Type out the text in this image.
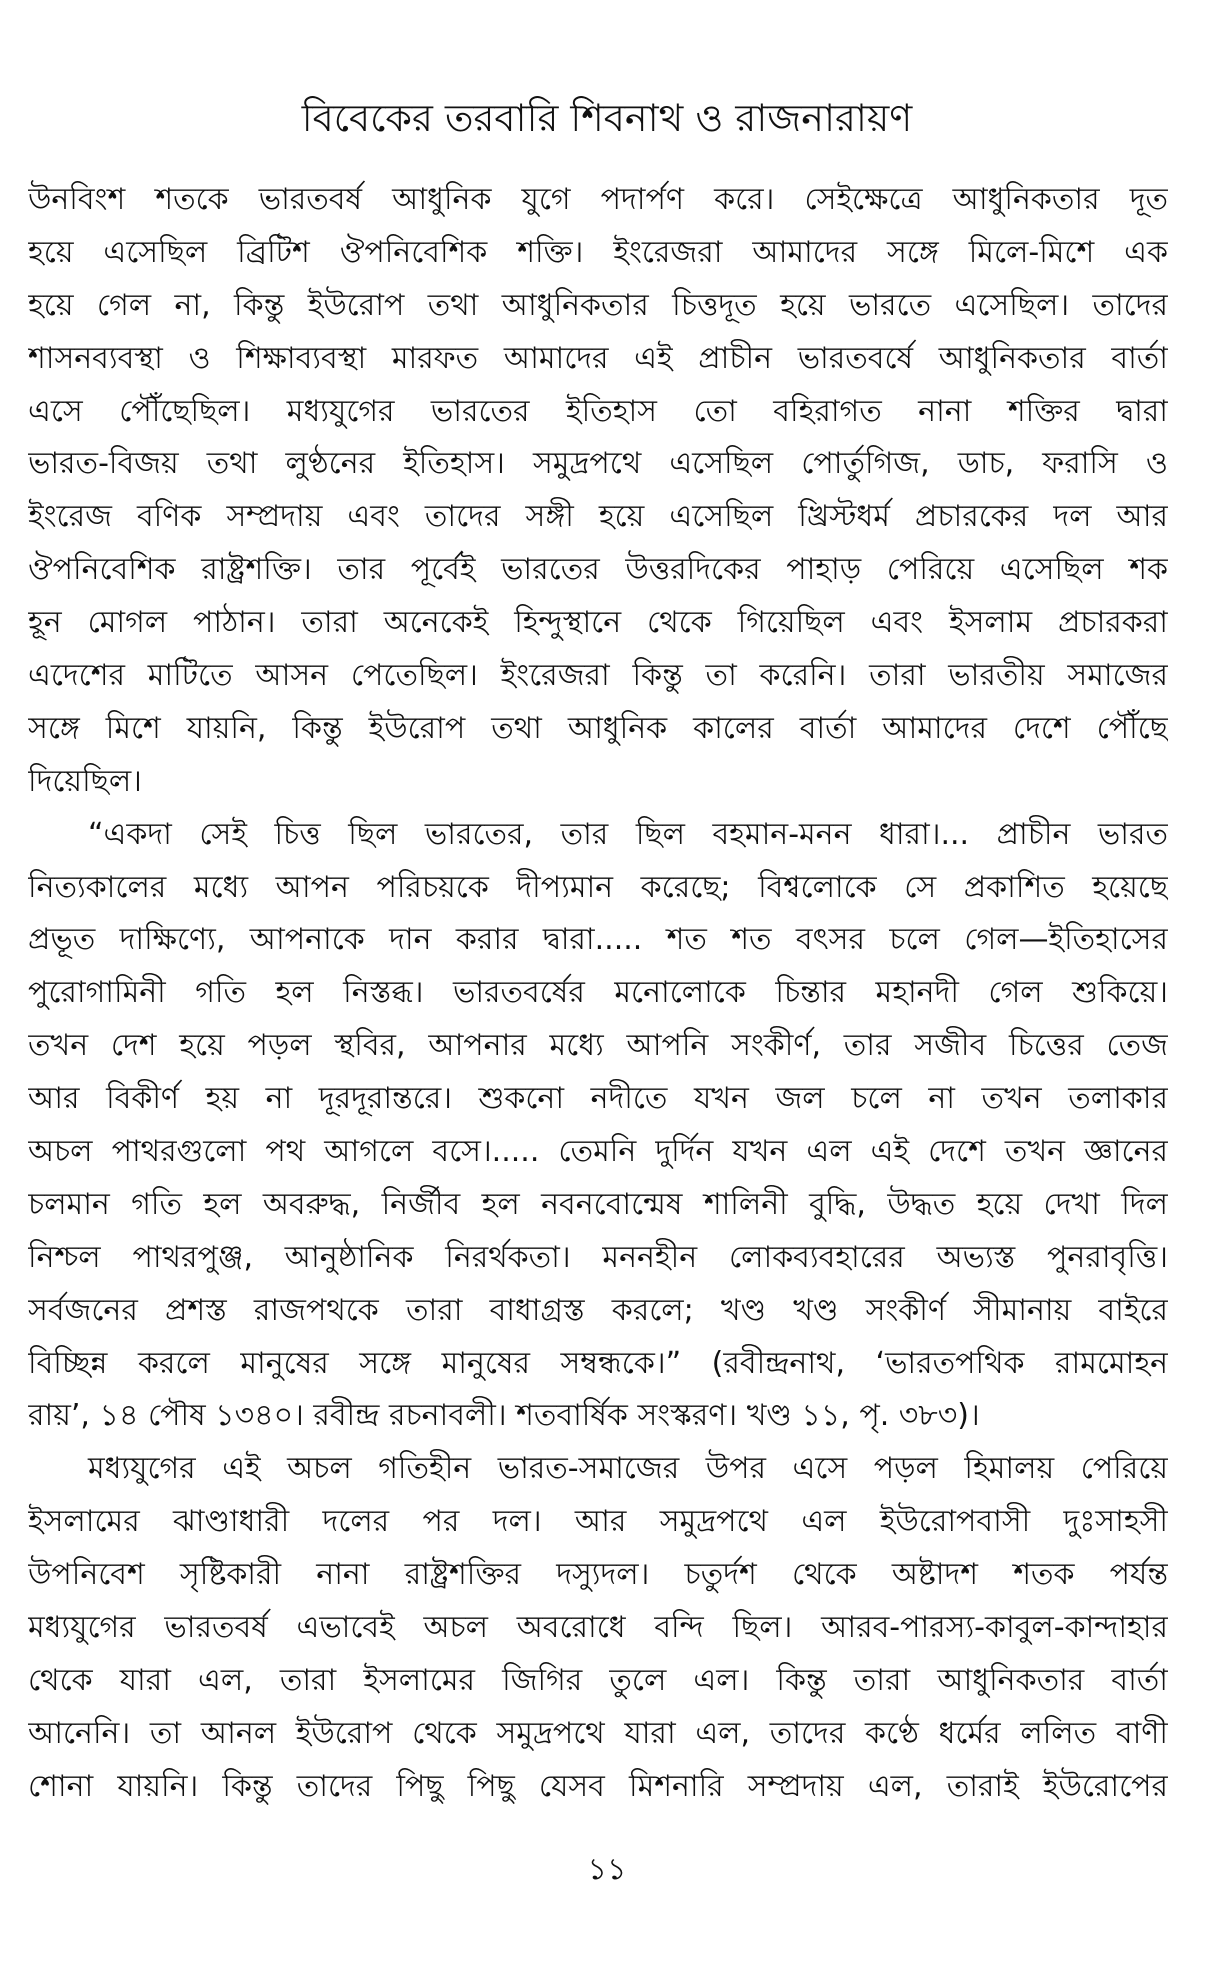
বিবেকের তরবারি শিবনাথ ও রাজনারায়ণ
উনবিংশ শতকে ভারতবর্ষ আধুনিক যুগে পদার্পণ করে। সেইক্ষেত্রে আধুনিকতার দূত
হয়ে এসেছিল ব্রিটিশ ঔপনিবেশিক শক্তি। ইংরেজরা আমাদের সঙ্গে মিলে-মিশে এক
হয়ে গেল না, কিন্তু ইউরোপ তথা আধুনিকতার চিত্তদূত হয়ে ভারতে এসেছিল। তাদের
শাসনব্যবস্থা ও শিক্ষাব্যবস্থা মারফত আমাদের এই প্রাচীন ভারতবর্ষে আধুনিকতার বার্তা
এসে পৌঁছেছিল। মধ্যযুগের ভারতের ইতিহাস তো বহিরাগত নানা শক্তির দ্বারা
ভারত-বিজয় তথা লুণ্ঠনের ইতিহাস। সমুদ্রপথে এসেছিল পোর্তুগিজ, ডাচ, ফরাসি ও
ইংরেজ বণিক সম্প্রদায় এবং তাদের সঙ্গী হয়ে এসেছিল খ্রিস্টধর্ম প্রচারকের দল আর
ঔপনিবেশিক রাষ্ট্রশক্তি। তার পূর্বেই ভারতের উত্তরদিকের পাহাড় পেরিয়ে এসেছিল শক
হূন মোগল পাঠান। তারা অনেকেই হিন্দুস্থানে থেকে গিয়েছিল এবং ইসলাম প্রচারকরা
এদেশের মাটিতে আসন পেতেছিল। ইংরেজরা কিন্তু তা করেনি। তারা ভারতীয় সমাজের
সঙ্গে মিশে যায়নি, কিন্তু ইউরোপ তথা আধুনিক কালের বার্তা আমাদের দেশে পৌঁছে
দিয়েছিল।
“একদা সেই চিত্ত ছিল ভারতের, তার ছিল বহমান-মনন ধারা।... প্রাচীন ভারত
নিত্যকালের মধ্যে আপন পরিচয়কে দীপ্যমান করেছে; বিশ্বলোকে সে প্রকাশিত হয়েছে
প্রভূত দাক্ষিণ্যে, আপনাকে দান করার দ্বারা..... শত শত বৎসর চলে গেল—ইতিহাসের
পুরোগামিনী গতি হল নিস্তব্ধ। ভারতবর্ষের মনোলোকে চিন্তার মহানদী গেল শুকিয়ে।
তখন দেশ হয়ে পড়ল স্থবির, আপনার মধ্যে আপনি সংকীর্ণ, তার সজীব চিত্তের তেজ
আর বিকীর্ণ হয় না দূরদূরান্তরে। শুকনো নদীতে যখন জল চলে না তখন তলাকার
অচল পাথরগুলো পথ আগলে বসে।..... তেমনি দুর্দিন যখন এল এই দেশে তখন জ্ঞানের
চলমান গতি হল অবরুদ্ধ, নির্জীব হল নবনবোন্মেষ শালিনী বুদ্ধি, উদ্ধত হয়ে দেখা দিল
নিশ্চল পাথরপুঞ্জ, আনুষ্ঠানিক নিরর্থকতা। মননহীন লোকব্যবহারের অভ্যস্ত পুনরাবৃত্তি।
সর্বজনের প্রশস্ত রাজপথকে তারা বাধাগ্রস্ত করলে; খণ্ড খণ্ড সংকীর্ণ সীমানায় বাইরে
বিচ্ছিন্ন করলে মানুষের সঙ্গে মানুষের সম্বন্ধকে।” (রবীন্দ্রনাথ, ‘ভারতপথিক রামমোহন
রায়’, ১৪ পৌষ ১৩৪০। রবীন্দ্র রচনাবলী। শতবার্ষিক সংস্করণ। খণ্ড ১১, পৃ. ৩৮৩)।
মধ্যযুগের এই অচল গতিহীন ভারত-সমাজের উপর এসে পড়ল হিমালয় পেরিয়ে
ইসলামের ঝাণ্ডাধারী দলের পর দল। আর সমুদ্রপথে এল ইউরোপবাসী দুঃসাহসী
উপনিবেশ সৃষ্টিকারী নানা রাষ্ট্রশক্তির দস্যুদল। চতুর্দশ থেকে অষ্টাদশ শতক পর্যন্ত
মধ্যযুগের ভারতবর্ষ এভাবেই অচল অবরোধে বন্দি ছিল। আরব-পারস্য-কাবুল-কান্দাহার
থেকে যারা এল, তারা ইসলামের জিগির তুলে এল। কিন্তু তারা আধুনিকতার বার্তা
আনেনি। তা আনল ইউরোপ থেকে সমুদ্রপথে যারা এল, তাদের কণ্ঠে ধর্মের ললিত বাণী
শোনা যায়নি। কিন্তু তাদের পিছু পিছু যেসব মিশনারি সম্প্রদায় এল, তারাই ইউরোপের
১১
